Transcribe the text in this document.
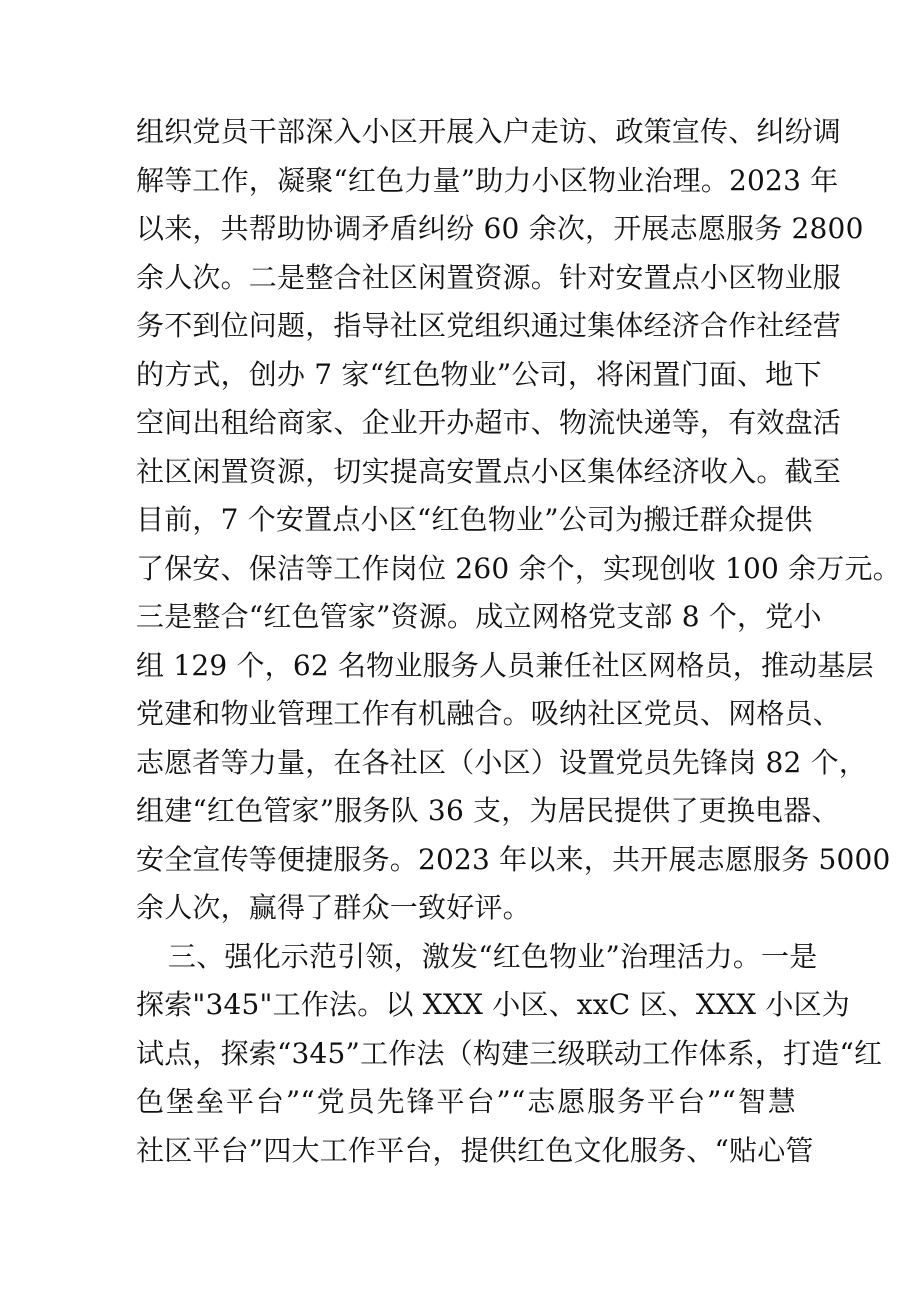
组织党员干部深入小区开展入户走访、政策宣传、纠纷调
解等工作，凝聚“红色力量”助力小区物业治理。2023 年
以来，共帮助协调矛盾纠纷 60 余次，开展志愿服务 2800
余人次。二是整合社区闲置资源。针对安置点小区物业服
务不到位问题，指导社区党组织通过集体经济合作社经营
的方式，创办 7 家“红色物业”公司，将闲置门面、地下
空间出租给商家、企业开办超市、物流快递等，有效盘活
社区闲置资源，切实提高安置点小区集体经济收入。截至
目前，7 个安置点小区“红色物业”公司为搬迁群众提供
了保安、保洁等工作岗位 260 余个，实现创收 100 余万元。
三是整合“红色管家”资源。成立网格党支部 8 个，党小
组 129 个，62 名物业服务人员兼任社区网格员，推动基层
党建和物业管理工作有机融合。吸纳社区党员、网格员、
志愿者等力量，在各社区（小区）设置党员先锋岗 82 个，
组建“红色管家”服务队 36 支，为居民提供了更换电器、
安全宣传等便捷服务。2023 年以来，共开展志愿服务 5000
余人次，赢得了群众一致好评。
三、强化示范引领，激发“红色物业”治理活力。一是
探索"345"工作法。以 XXX 小区、xxC 区、XXX 小区为
试点，探索“345”工作法（构建三级联动工作体系，打造“红
色堡垒平台”“党员先锋平台”“志愿服务平台”“智慧
社区平台”四大工作平台，提供红色文化服务、“贴心管
